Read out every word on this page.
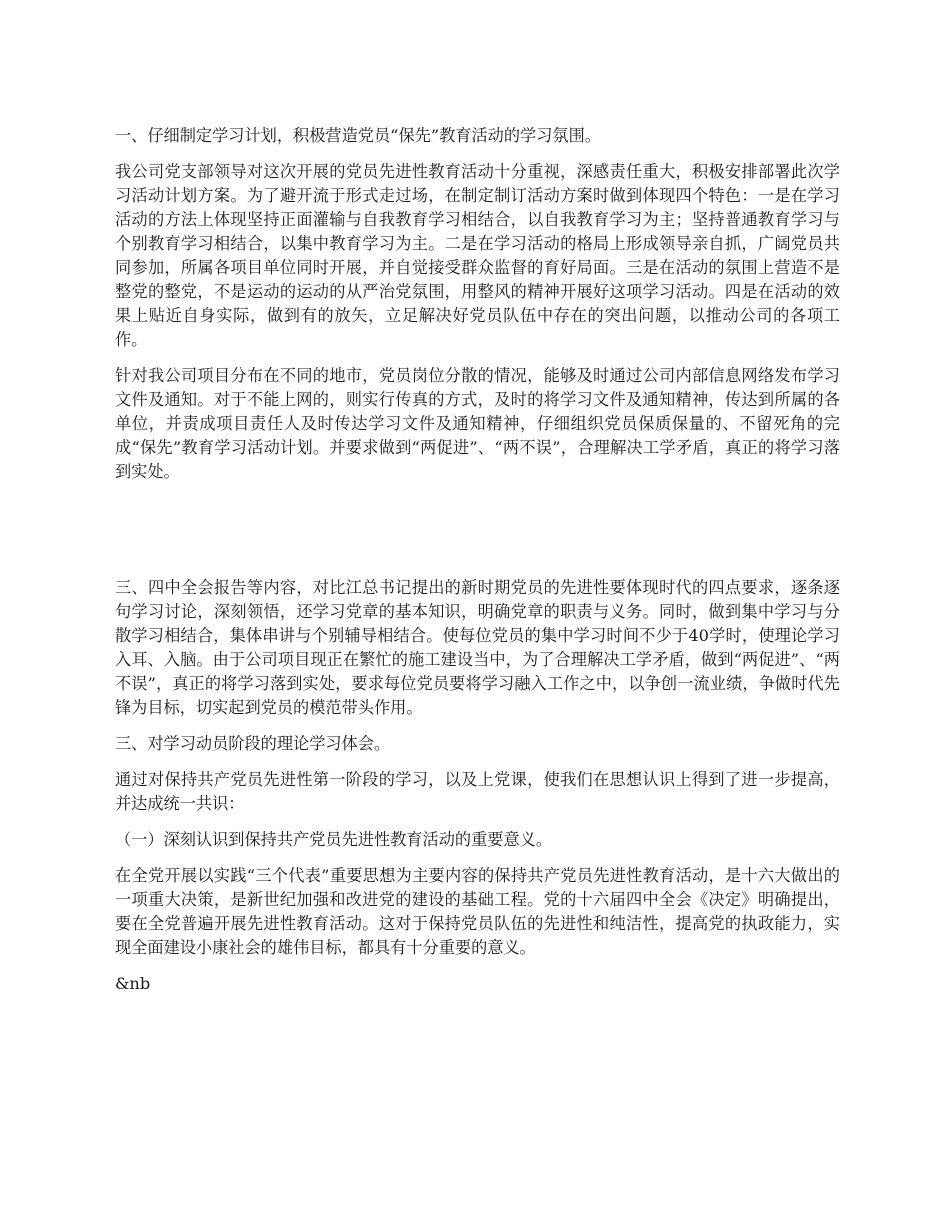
一、仔细制定学习计划，积极营造党员“保先”教育活动的学习氛围。

我公司党支部领导对这次开展的党员先进性教育活动十分重视，深感责任重大，积极安排部署此次学习活动计划方案。为了避开流于形式走过场，在制定制订活动方案时做到体现四个特色：一是在学习活动的方法上体现坚持正面灌输与自我教育学习相结合，以自我教育学习为主；坚持普通教育学习与个别教育学习相结合，以集中教育学习为主。二是在学习活动的格局上形成领导亲自抓，广阔党员共同参加，所属各项目单位同时开展，并自觉接受群众监督的育好局面。三是在活动的氛围上营造不是整党的整党，不是运动的运动的从严治党氛围，用整风的精神开展好这项学习活动。四是在活动的效果上贴近自身实际，做到有的放矢，立足解决好党员队伍中存在的突出问题，以推动公司的各项工作。

针对我公司项目分布在不同的地市，党员岗位分散的情况，能够及时通过公司内部信息网络发布学习文件及通知。对于不能上网的，则实行传真的方式，及时的将学习文件及通知精神，传达到所属的各单位，并责成项目责任人及时传达学习文件及通知精神，仔细组织党员保质保量的、不留死角的完成“保先”教育学习活动计划。并要求做到“两促进”、“两不误”，合理解决工学矛盾，真正的将学习落到实处。

三、四中全会报告等内容，对比江总书记提出的新时期党员的先进性要体现时代的四点要求，逐条逐句学习讨论，深刻领悟，还学习党章的基本知识，明确党章的职责与义务。同时，做到集中学习与分散学习相结合，集体串讲与个别辅导相结合。使每位党员的集中学习时间不少于40学时，使理论学习入耳、入脑。由于公司项目现正在繁忙的施工建设当中，为了合理解决工学矛盾，做到“两促进”、“两不误”，真正的将学习落到实处，要求每位党员要将学习融入工作之中，以争创一流业绩，争做时代先锋为目标，切实起到党员的模范带头作用。

三、对学习动员阶段的理论学习体会。

通过对保持共产党员先进性第一阶段的学习，以及上党课，使我们在思想认识上得到了进一步提高，并达成统一共识：

（一）深刻认识到保持共产党员先进性教育活动的重要意义。

在全党开展以实践“三个代表”重要思想为主要内容的保持共产党员先进性教育活动，是十六大做出的一项重大决策，是新世纪加强和改进党的建设的基础工程。党的十六届四中全会《决定》明确提出，要在全党普遍开展先进性教育活动。这对于保持党员队伍的先进性和纯洁性，提高党的执政能力，实现全面建设小康社会的雄伟目标，都具有十分重要的意义。

&nb
